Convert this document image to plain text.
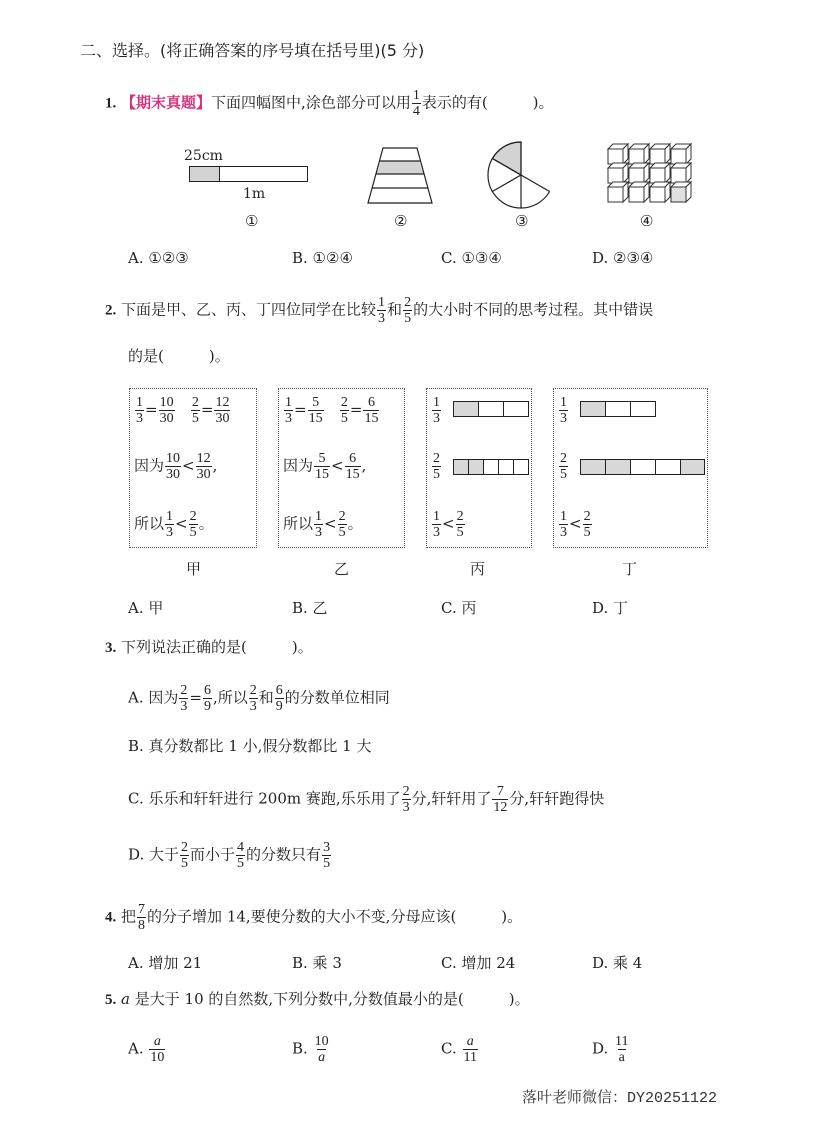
二、选择。(将正确答案的序号填在括号里)(5 分)
1. 【期末真题】下面四幅图中,涂色部分可以用 $\frac{1}{4}$ 表示的有(　　　)。
25cm
1m
①	②	③	④
A. ①②③	B. ①②④	C. ①③④	D. ②③④
2. 下面是甲、乙、丙、丁四位同学在比较 $\frac{1}{3}$ 和 $\frac{2}{5}$ 的大小时不同的思考过程。其中错误
的是(　　　)。
$\frac{1}{3} = \frac{10}{30}$
$\frac{2}{5} = \frac{12}{30}$
因为 $\frac{10}{30} < \frac{12}{30}$ ,
所以 $\frac{1}{3} < \frac{2}{5}$ 。
$\frac{1}{3} = \frac{5}{15}$
$\frac{2}{5} = \frac{6}{15}$
因为 $\frac{5}{15} < \frac{6}{15}$ ,
所以 $\frac{1}{3} < \frac{2}{5}$ 。
$\frac{1}{3}$
$\frac{2}{5}$
$\frac{1}{3} < \frac{2}{5}$
$\frac{1}{3}$
$\frac{2}{5}$
$\frac{1}{3} < \frac{2}{5}$
甲	乙	丙	丁
A. 甲	B. 乙	C. 丙	D. 丁
3. 下列说法正确的是(　　　)。
A. 因为 $\frac{2}{3} = \frac{6}{9}$ ,所以 $\frac{2}{3}$ 和 $\frac{6}{9}$ 的分数单位相同
B. 真分数都比 1 小,假分数都比 1 大
C. 乐乐和轩轩进行 200m 赛跑,乐乐用了 $\frac{2}{3}$ 分,轩轩用了 $\frac{7}{12}$ 分,轩轩跑得快
D. 大于 $\frac{2}{5}$ 而小于 $\frac{4}{5}$ 的分数只有 $\frac{3}{5}$
4. 把 $\frac{7}{8}$ 的分子增加 14,要使分数的大小不变,分母应该(　　　)。
A. 增加 21	B. 乘 3	C. 增加 24	D. 乘 4
5. a 是大于 10 的自然数,下列分数中,分数值最小的是(　　　)。
A. $\frac{a}{10}$	B. $\frac{10}{a}$	C. $\frac{a}{11}$	D. $\frac{11}{a}$
落叶老师微信：DY20251122
